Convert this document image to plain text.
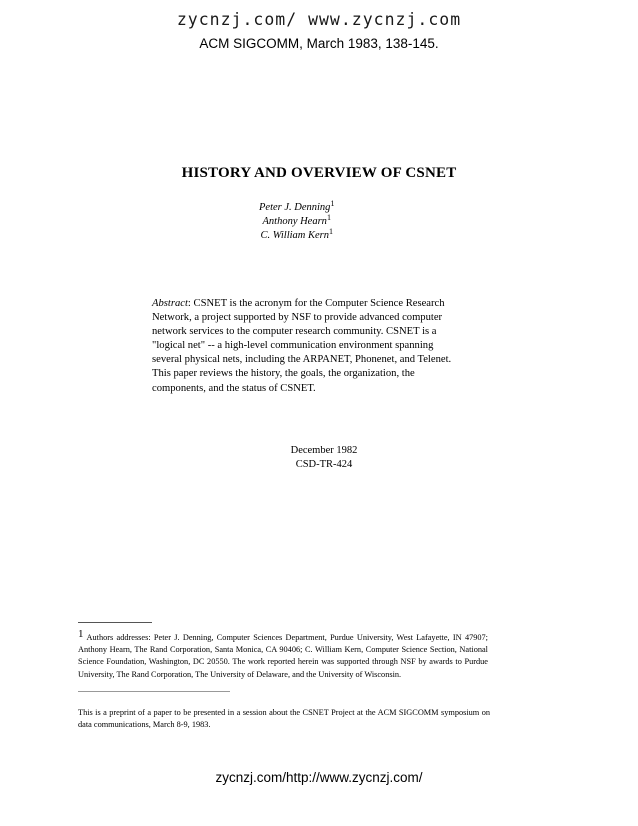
zycnzj.com/ www.zycnzj.com
ACM SIGCOMM, March 1983, 138-145.
HISTORY AND OVERVIEW OF CSNET
Peter J. Denning$^1$
Anthony Hearn$^1$
C. William Kern$^1$
Abstract: CSNET is the acronym for the Computer Science Research Network, a project supported by NSF to provide advanced computer network services to the computer research community. CSNET is a "logical net" -- a high-level communication environment spanning several physical nets, including the ARPANET, Phonenet, and Telenet. This paper reviews the history, the goals, the organization, the components, and the status of CSNET.
December 1982
CSD-TR-424
$^1$ Authors addresses: Peter J. Denning, Computer Sciences Department, Purdue University, West Lafayette, IN 47907; Anthony Hearn, The Rand Corporation, Santa Monica, CA 90406; C. William Kern, Computer Science Section, National Science Foundation, Washington, DC 20550. The work reported herein was supported through NSF by awards to Purdue University, The Rand Corporation, The University of Delaware, and the University of Wisconsin.
This is a preprint of a paper to be presented in a session about the CSNET Project at the ACM SIGCOMM symposium on data communications, March 8-9, 1983.
zycnzj.com/http://www.zycnzj.com/
